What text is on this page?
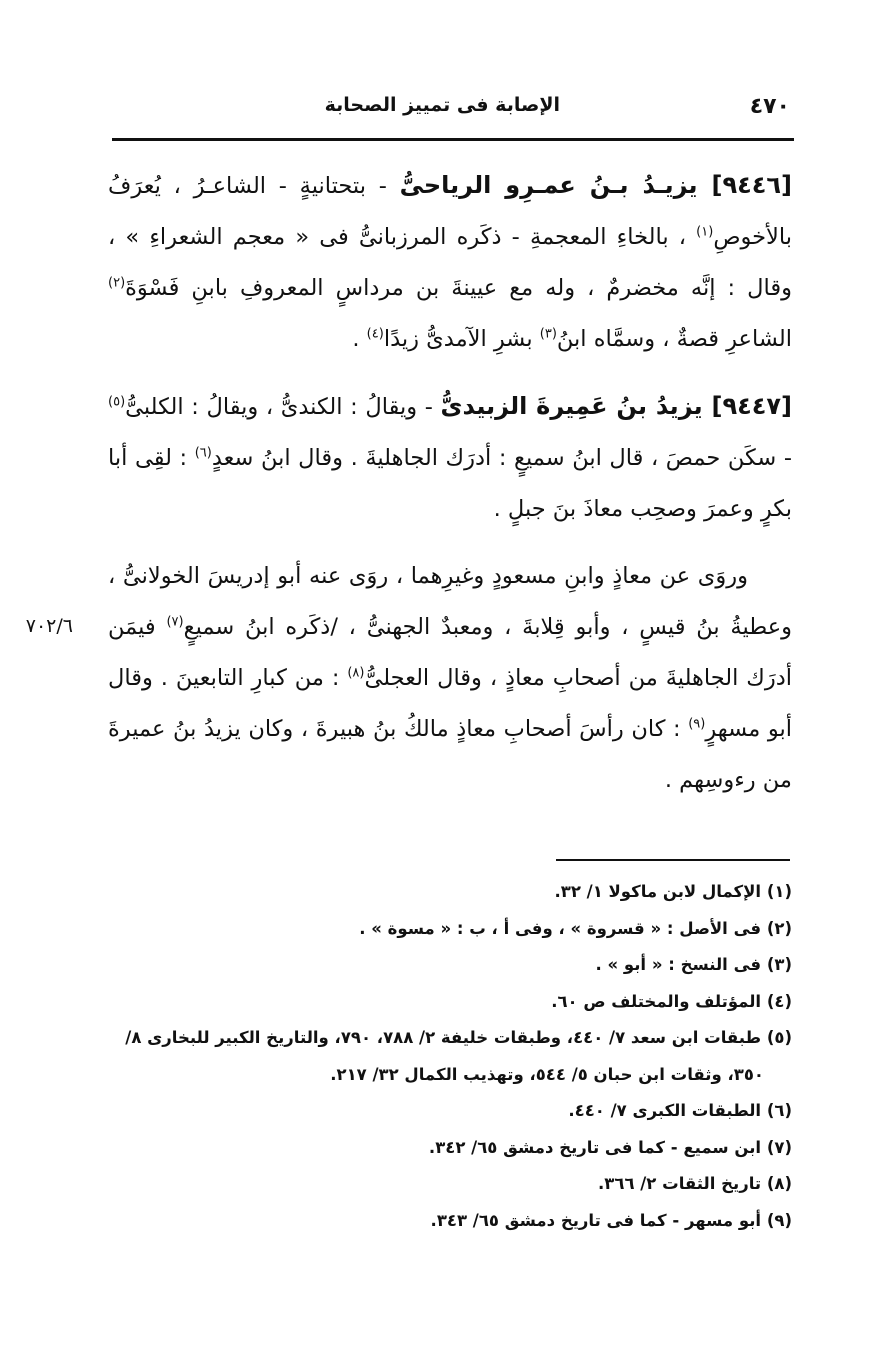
٤٧٠
الإصابة فى تمييز الصحابة

[٩٤٤٦] يزيـدُ بـنُ عمـرِو الرياحىُّ - بتحتانيةٍ - الشاعـرُ ، يُعرَفُ بالأخوصِ$^{(١)}$ ، بالخاءِ المعجمةِ - ذكَره المرزبانىُّ فى « معجم الشعراءِ » ، وقال : إنَّه مخضرمٌ ، وله مع عيينةَ بن مرداسٍ المعروفِ بابنِ فَسْوَةَ$^{(٢)}$ الشاعرِ قصةٌ ، وسمَّاه ابنُ$^{(٣)}$ بشرِ الآمدىُّ زيدًا$^{(٤)}$ .

[٩٤٤٧] يزيدُ بنُ عَمِيرةَ الزبيدىُّ - ويقالُ : الكندىُّ ، ويقالُ : الكلبىُّ$^{(٥)}$ - سكَن حمصَ ، قال ابنُ سميعٍ : أدرَك الجاهليةَ . وقال ابنُ سعدٍ$^{(٦)}$ : لقِى أبا بكرٍ وعمرَ وصحِب معاذَ بنَ جبلٍ .

وروَى عن معاذٍ وابنِ مسعودٍ وغيرِهما ، روَى عنه أبو إدريسَ الخولانىُّ ، وعطيةُ بنُ قيسٍ ، وأبو قِلابةَ ، ومعبدٌ الجهنىُّ ، /ذكَره ابنُ سميعٍ$^{(٧)}$ فيمَن أدرَك الجاهليةَ من أصحابِ معاذٍ ، وقال العجلىُّ$^{(٨)}$ : من كبارِ التابعينَ . وقال أبو مسهرٍ$^{(٩)}$ : كان رأسَ أصحابِ معاذٍ مالكُ بنُ هبيرةَ ، وكان يزيدُ بنُ عميرةَ من رءوسِهم .

٧٠٢/٦
(١) الإكمال لابن ماكولا ١/ ٣٢.
(٢) فى الأصل : « قسروة » ، وفى أ ، ب : « مسوة » .
(٣) فى النسخ : « أبو » .
(٤) المؤتلف والمختلف ص ٦٠.
(٥) طبقات ابن سعد ٧/ ٤٤٠، وطبقات خليفة ٢/ ٧٨٨، ٧٩٠، والتاريخ الكبير للبخارى ٨/ ٣٥٠، وثقات ابن حبان ٥/ ٥٤٤، وتهذيب الكمال ٣٢/ ٢١٧.
(٦) الطبقات الكبرى ٧/ ٤٤٠.
(٧) ابن سميع - كما فى تاريخ دمشق ٦٥/ ٣٤٢.
(٨) تاريخ الثقات ٢/ ٣٦٦.
(٩) أبو مسهر - كما فى تاريخ دمشق ٦٥/ ٣٤٣.
